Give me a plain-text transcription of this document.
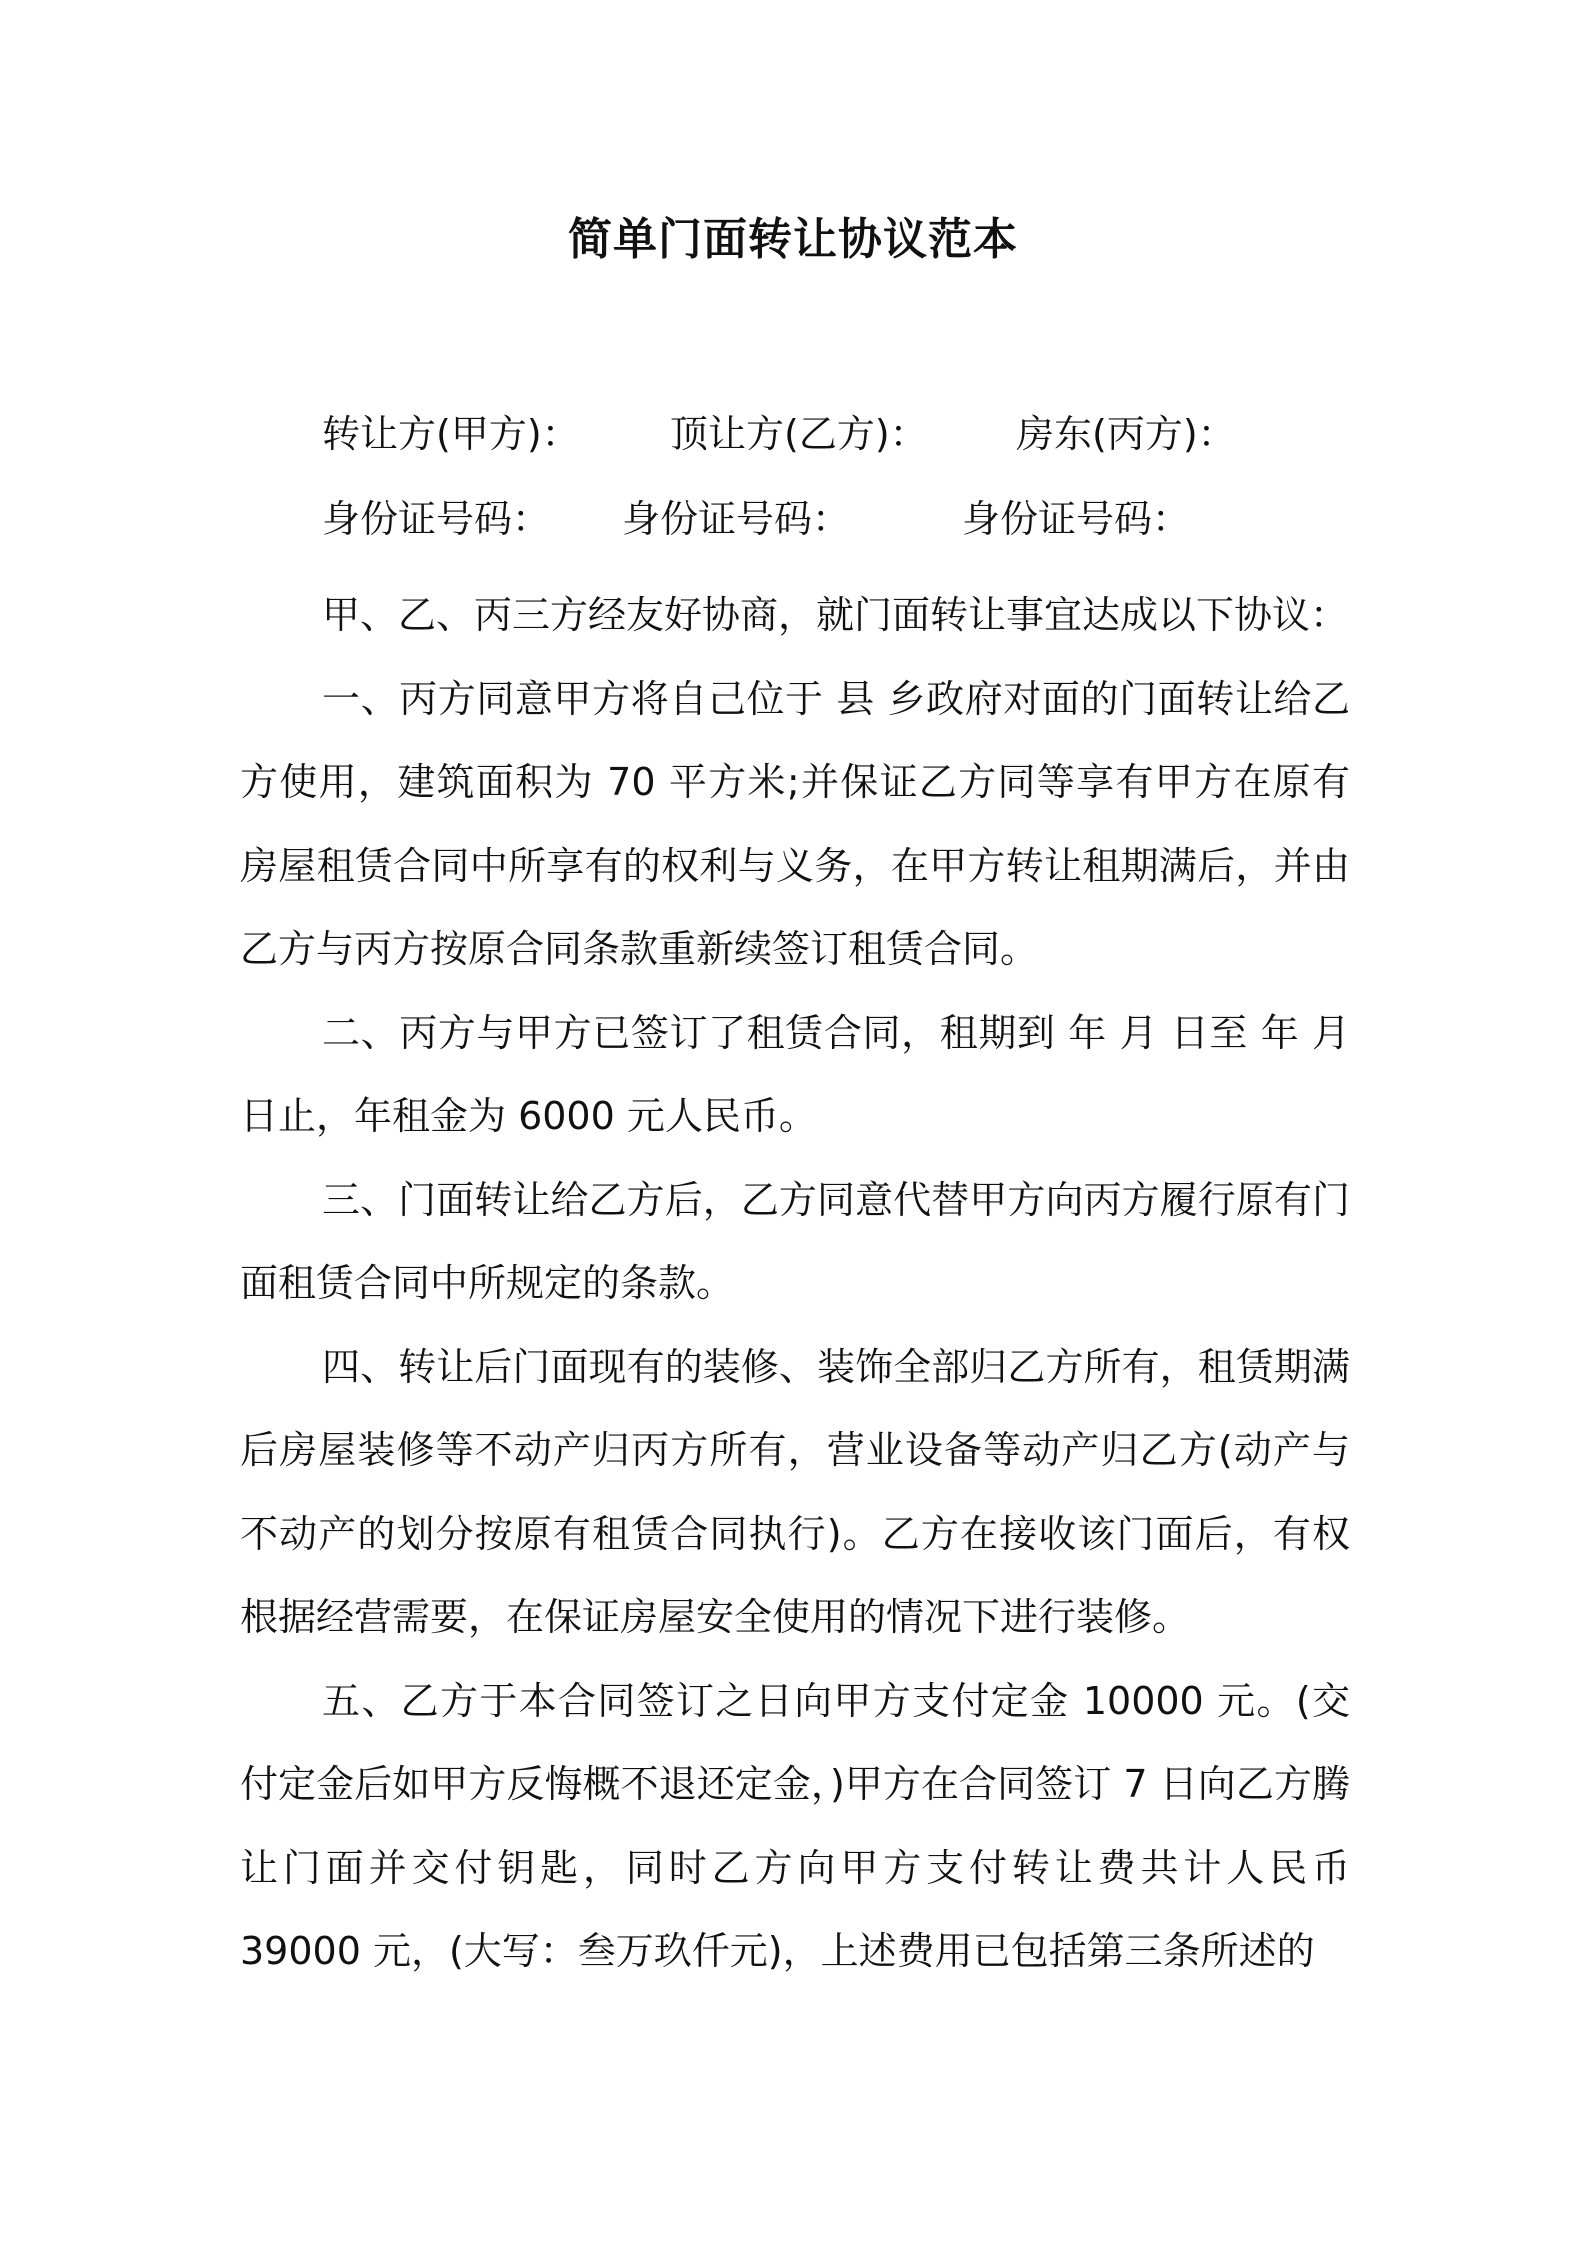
简单门面转让协议范本
转让方(甲方)： 顶让方(乙方)： 房东(丙方)：
身份证号码： 身份证号码：	身份证号码：

甲、乙、丙三方经友好协商，就门面转让事宜达成以下协议：

一、丙方同意甲方将自己位于 县 乡政府对面的门面转让给乙方使用，建筑面积为 70 平方米;并保证乙方同等享有甲方在原有房屋租赁合同中所享有的权利与义务，在甲方转让租期满后，并由乙方与丙方按原合同条款重新续签订租赁合同。

二、丙方与甲方已签订了租赁合同，租期到 年 月 日至 年 月 日止，年租金为 6000 元人民币。

三、门面转让给乙方后，乙方同意代替甲方向丙方履行原有门面租赁合同中所规定的条款。

四、转让后门面现有的装修、装饰全部归乙方所有，租赁期满后房屋装修等不动产归丙方所有，营业设备等动产归乙方(动产与不动产的划分按原有租赁合同执行)。乙方在接收该门面后，有权根据经营需要，在保证房屋安全使用的情况下进行装修。

五、乙方于本合同签订之日向甲方支付定金 10000 元。(交付定金后如甲方反悔概不退还定金，)甲方在合同签订 7 日向乙方腾让门面并交付钥匙，同时乙方向甲方支付转让费共计人民币 39000 元，(大写：叁万玖仟元)，上述费用已包括第三条所述的
